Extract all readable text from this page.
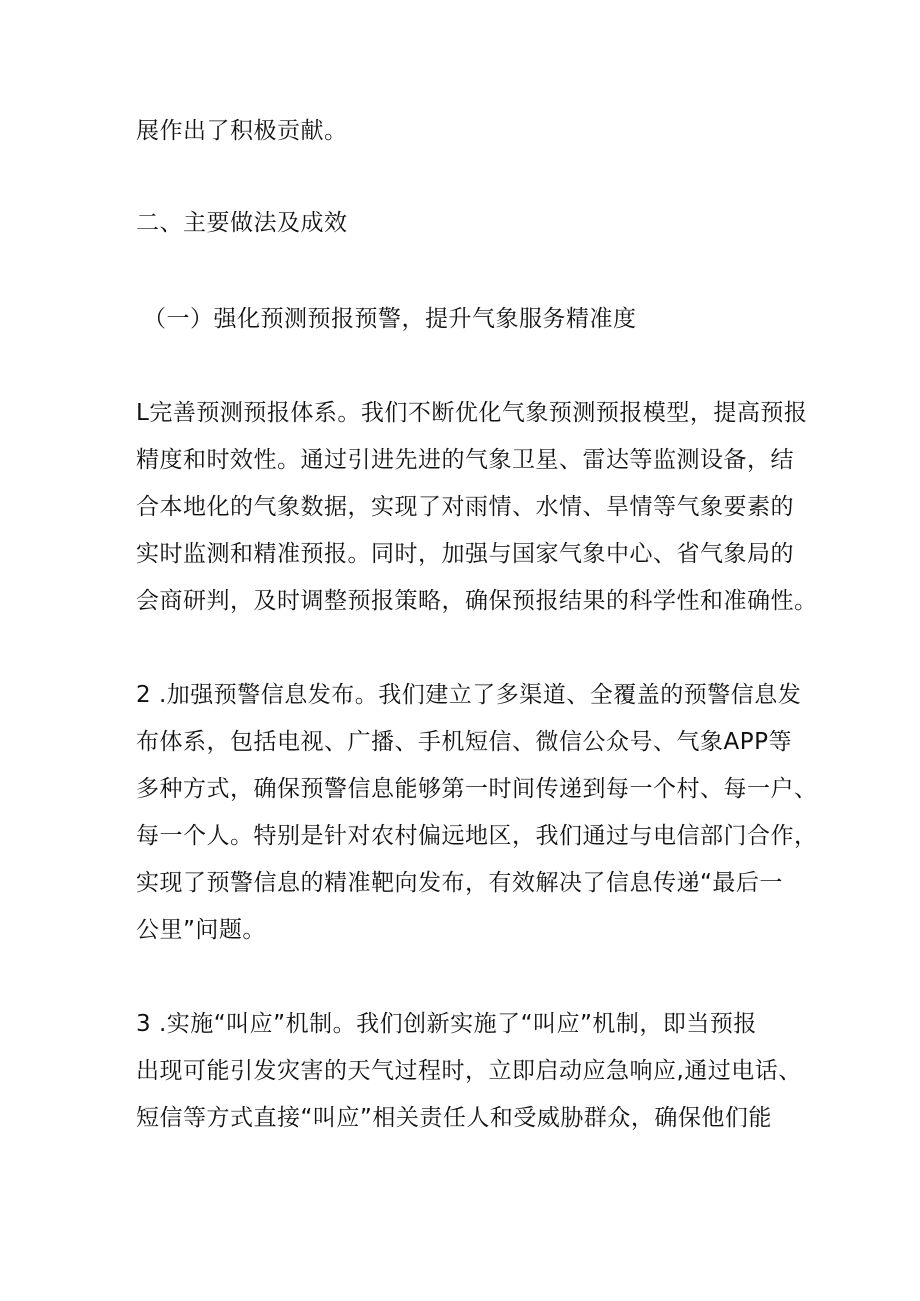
展作出了积极贡献。
二、主要做法及成效
（一）强化预测预报预警，提升气象服务精准度
L完善预测预报体系。我们不断优化气象预测预报模型，提高预报
精度和时效性。通过引进先进的气象卫星、雷达等监测设备，结
合本地化的气象数据，实现了对雨情、水情、旱情等气象要素的
实时监测和精准预报。同时，加强与国家气象中心、省气象局的
会商研判，及时调整预报策略，确保预报结果的科学性和准确性。
2 .加强预警信息发布。我们建立了多渠道、全覆盖的预警信息发
布体系，包括电视、广播、手机短信、微信公众号、气象APP等
多种方式，确保预警信息能够第一时间传递到每一个村、每一户、
每一个人。特别是针对农村偏远地区，我们通过与电信部门合作，
实现了预警信息的精准靶向发布，有效解决了信息传递“最后一
公里”问题。
3 .实施“叫应”机制。我们创新实施了“叫应”机制，即当预报
出现可能引发灾害的天气过程时，立即启动应急响应,通过电话、
短信等方式直接“叫应”相关责任人和受威胁群众，确保他们能
